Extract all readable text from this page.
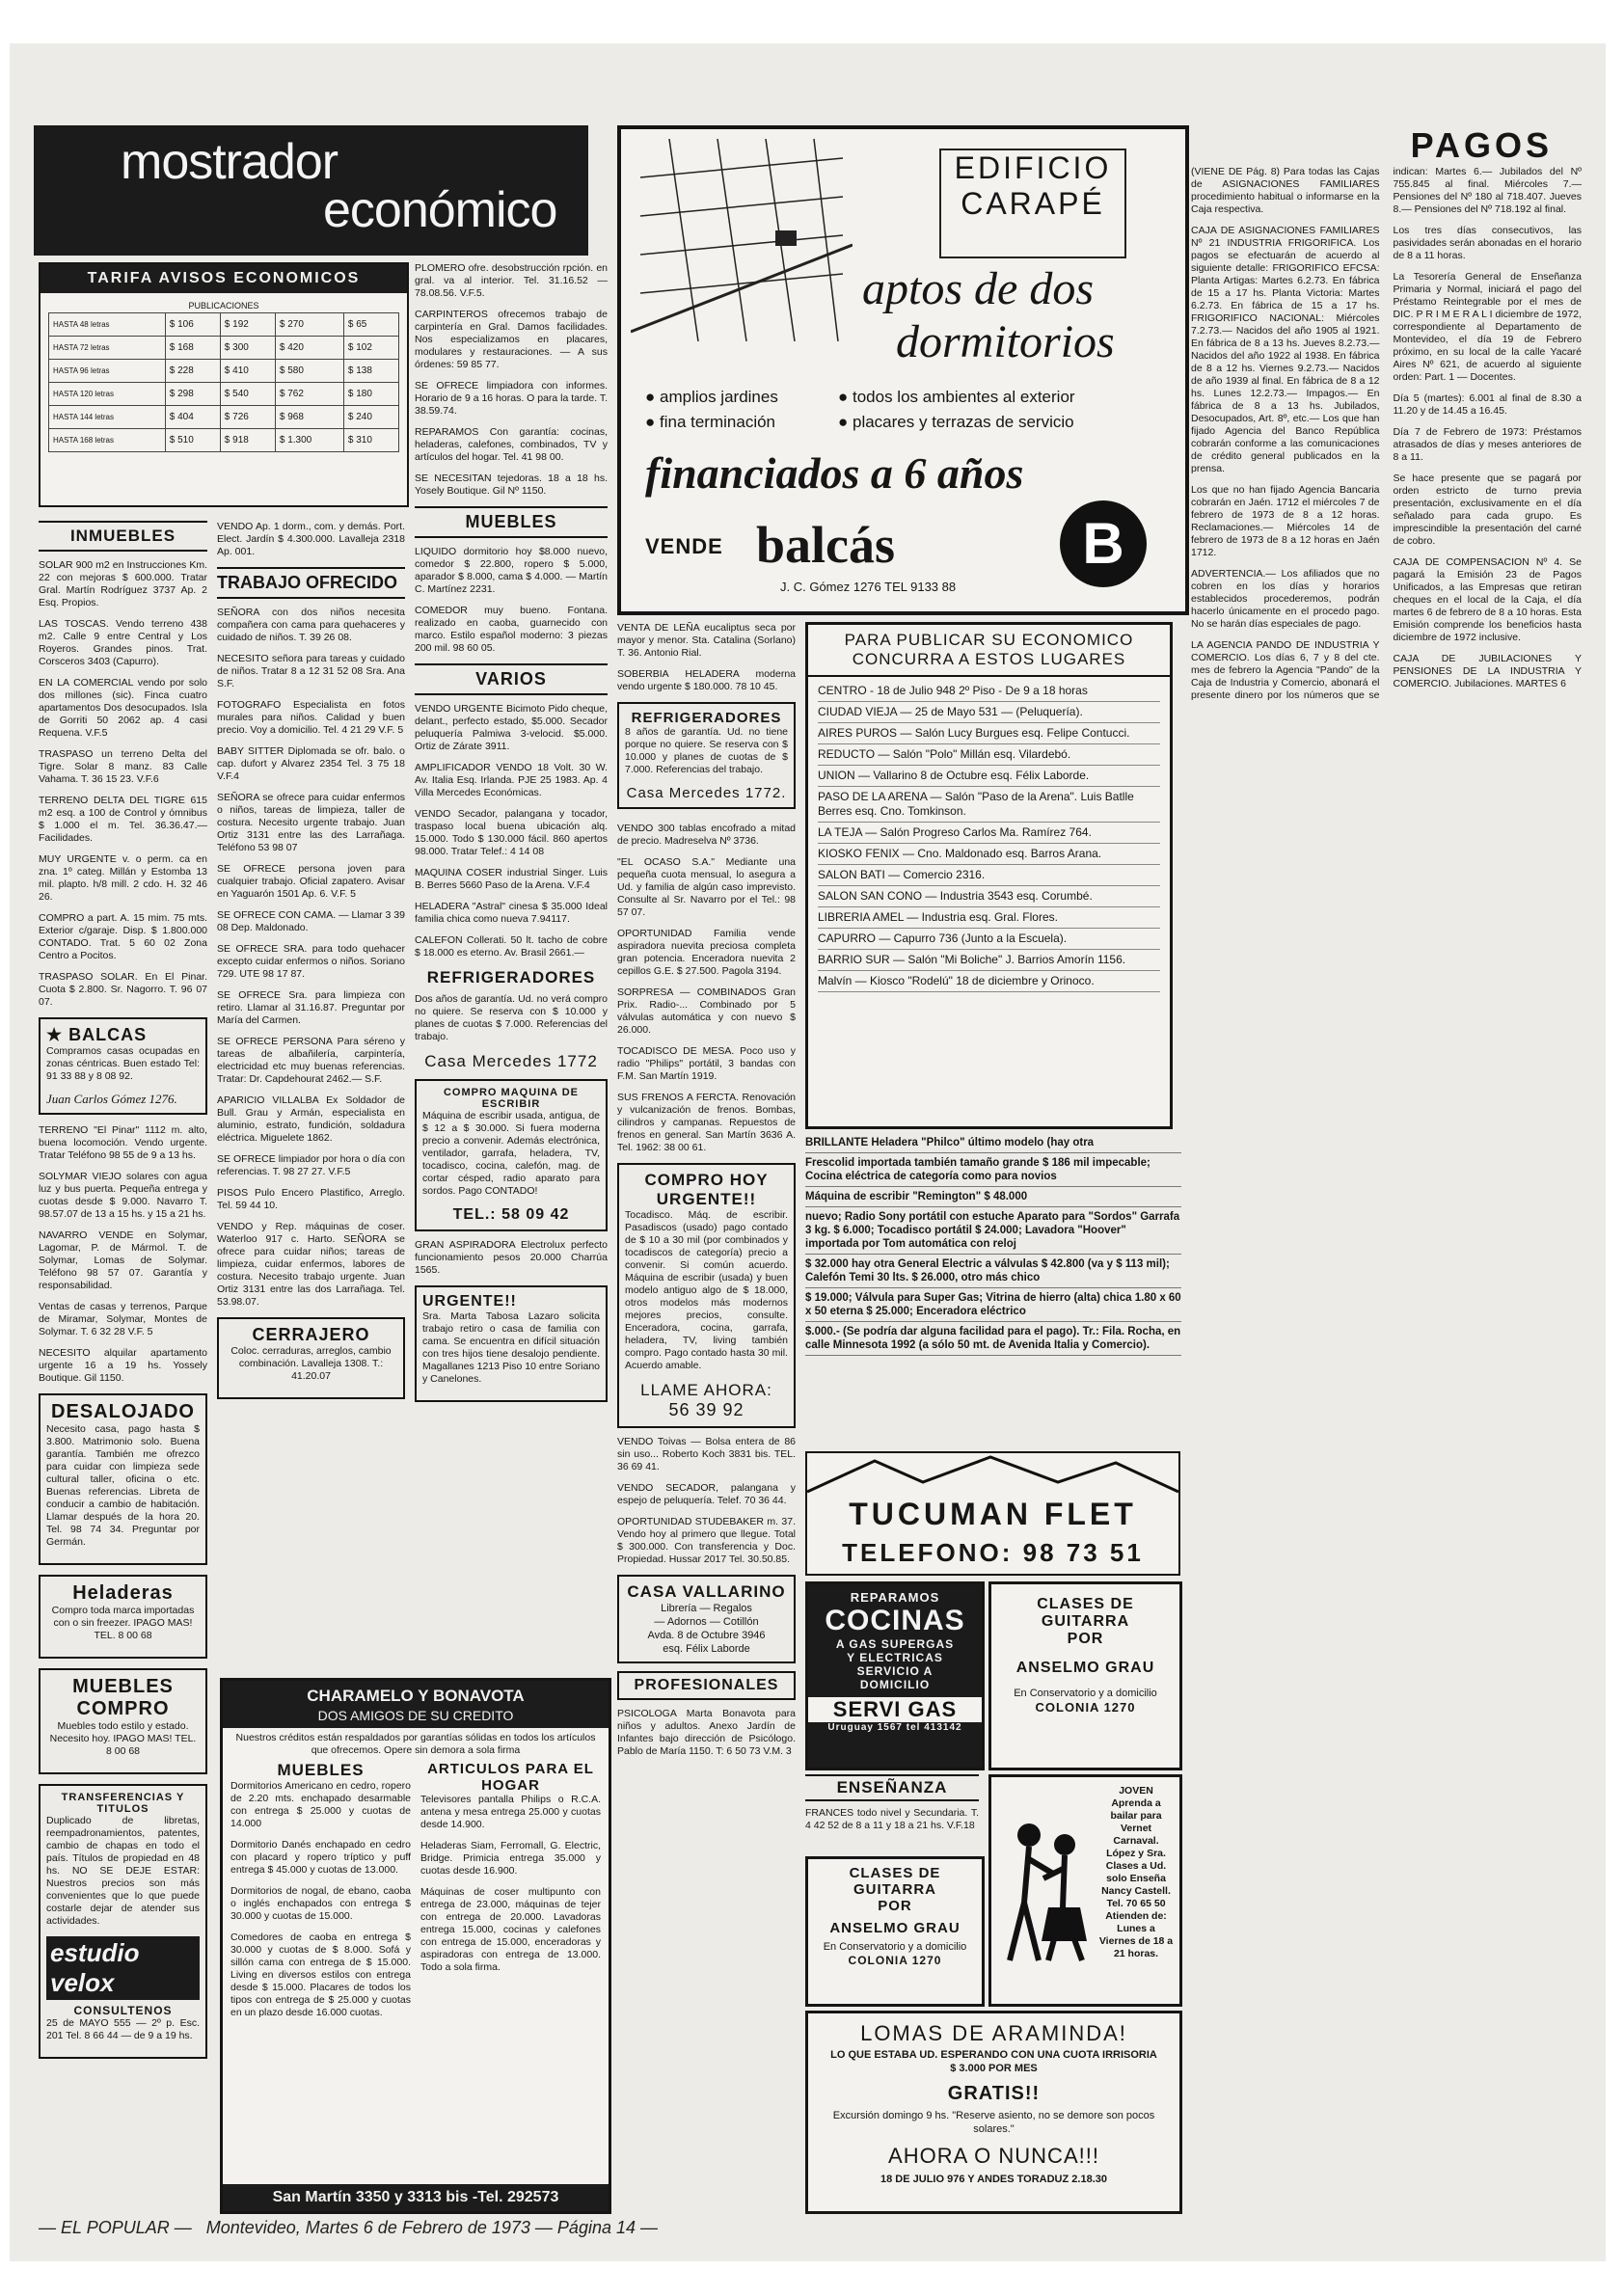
mostrador
económico
TARIFA AVISOS ECONOMICOS
PUBLICACIONES
HASTA 48 letras	$ 106	$ 192	$ 270	$ 65
HASTA 72 letras	$ 168	$ 300	$ 420	$ 102
HASTA 96 letras	$ 228	$ 410	$ 580	$ 138
HASTA 120 letras	$ 298	$ 540	$ 762	$ 180
HASTA 144 letras	$ 404	$ 726	$ 968	$ 240
HASTA 168 letras	$ 510	$ 918	$ 1.300	$ 310
INMUEBLES

SOLAR 900 m2 en Instrucciones Km. 22 con mejoras $ 600.000. Tratar Gral. Martín Rodríguez 3737 Ap. 2 Esq. Propios.

LAS TOSCAS. Vendo terreno 438 m2. Calle 9 entre Central y Los Royeros. Grandes pinos. Trat. Corsceros 3403 (Capurro).

EN LA COMERCIAL vendo por solo dos millones (sic). Finca cuatro apartamentos Dos desocupados. Isla de Gorriti 50 2062 ap. 4 casi Requena. V.F.5

TRASPASO un terreno Delta del Tigre. Solar 8 manz. 83 Calle Vahama. T. 36 15 23. V.F.6

TERRENO DELTA DEL TIGRE 615 m2 esq. a 100 de Control y ómnibus $ 1.000 el m. Tel. 36.36.47.— Facilidades.

MUY URGENTE v. o perm. ca en zna. 1º categ. Millán y Estomba 13 mil. plapto. h/8 mill. 2 cdo. H. 32 46 26.

COMPRO a part. A. 15 mim. 75 mts. Exterior c/garaje. Disp. $ 1.800.000 CONTADO. Trat. 5 60 02 Zona Centro a Pocitos.

TRASPASO SOLAR. En El Pinar. Cuota $ 2.800. Sr. Nagorro. T. 96 07 07.

★ BALCAS

Compramos casas ocupadas en zonas céntricas. Buen estado Tel: 91 33 88 y 8 08 92.

Juan Carlos Gómez 1276.

TERRENO "El Pinar" 1112 m. alto, buena locomoción. Vendo urgente. Tratar Teléfono 98 55 de 9 a 13 hs.

SOLYMAR VIEJO solares con agua luz y bus puerta. Pequeña entrega y cuotas desde $ 9.000. Navarro T. 98.57.07 de 13 a 15 hs. y 15 a 21 hs.

NAVARRO VENDE en Solymar, Lagomar, P. de Mármol. T. de Solymar, Lomas de Solymar. Teléfono 98 57 07. Garantía y responsabilidad.

Ventas de casas y terrenos, Parque de Miramar, Solymar, Montes de Solymar. T. 6 32 28 V.F. 5

NECESITO alquilar apartamento urgente 16 a 19 hs. Yossely Boutique. Gil 1150.

DESALOJADO

Necesito casa, pago hasta $ 3.800. Matrimonio solo. Buena garantía. También me ofrezco para cuidar con limpieza sede cultural taller, oficina o etc. Buenas referencias. Libreta de conducir a cambio de habitación. Llamar después de la hora 20. Tel. 98 74 34. Preguntar por Germán.

Heladeras

Compro toda marca importadas con o sin freezer. IPAGO MAS! TEL. 8 00 68

MUEBLES COMPRO

Muebles todo estilo y estado. Necesito hoy. IPAGO MAS! TEL. 8 00 68

TRANSFERENCIAS Y TITULOS

Duplicado de libretas, reempadronamientos, patentes, cambio de chapas en todo el país. Títulos de propiedad en 48 hs. NO SE DEJE ESTAR: Nuestros precios son más convenientes que lo que puede costarle dejar de atender sus actividades.

estudio velox
CONSULTENOS

25 de MAYO 555 — 2º p. Esc. 201 Tel. 8 66 44 — de 9 a 19 hs.

VENDO Ap. 1 dorm., com. y demás. Port. Elect. Jardín $ 4.300.000. Lavalleja 2318 Ap. 001.

TRABAJO OFRECIDO

SEÑORA con dos niños necesita compañera con cama para quehaceres y cuidado de niños. T. 39 26 08.

NECESITO señora para tareas y cuidado de niños. Tratar 8 a 12 31 52 08 Sra. Ana S.F.

FOTOGRAFO Especialista en fotos murales para niños. Calidad y buen precio. Voy a domicilio. Tel. 4 21 29 V.F. 5

BABY SITTER Diplomada se ofr. balo. o cap. dufort y Alvarez 2354 Tel. 3 75 18 V.F.4

SEÑORA se ofrece para cuidar enfermos o niños, tareas de limpieza, taller de costura. Necesito urgente trabajo. Juan Ortiz 3131 entre las des Larrañaga. Teléfono 53 98 07

SE OFRECE persona joven para cualquier trabajo. Oficial zapatero. Avisar en Yaguarón 1501 Ap. 6. V.F. 5

SE OFRECE CON CAMA. — Llamar 3 39 08 Dep. Maldonado.

SE OFRECE SRA. para todo quehacer excepto cuidar enfermos o niños. Soriano 729. UTE 98 17 87.

SE OFRECE Sra. para limpieza con retiro. Llamar al 31.16.87. Preguntar por María del Carmen.

SE OFRECE PERSONA Para séreno y tareas de albañilería, carpintería, electricidad etc muy buenas referencias. Tratar: Dr. Capdehourat 2462.— S.F.

APARICIO VILLALBA Ex Soldador de Bull. Grau y Armán, especialista en aluminio, estrato, fundición, soldadura eléctrica. Miguelete 1862.

SE OFRECE limpiador por hora o día con referencias. T. 98 27 27. V.F.5

PISOS Pulo Encero Plastifico, Arreglo. Tel. 59 44 10.

VENDO y Rep. máquinas de coser. Waterloo 917 c. Harto. SEÑORA se ofrece para cuidar niños; tareas de limpieza, cuidar enfermos, labores de costura. Necesito trabajo urgente. Juan Ortiz 3131 entre las dos Larrañaga. Tel. 53.98.07.

CERRAJERO

Coloc. cerraduras, arreglos, cambio combinación. Lavalleja 1308. T.: 41.20.07

PLOMERO ofre. desobstrucción rpción. en gral. va al interior. Tel. 31.16.52 — 78.08.56. V.F.5.

CARPINTEROS ofrecemos trabajo de carpintería en Gral. Damos facilidades. Nos especializamos en placares, modulares y restauraciones. — A sus órdenes: 59 85 77.

SE OFRECE limpiadora con informes. Horario de 9 a 16 horas. O para la tarde. T. 38.59.74.

REPARAMOS Con garantía: cocinas, heladeras, calefones, combinados, TV y artículos del hogar. Tel. 41 98 00.

SE NECESITAN tejedoras. 18 a 18 hs. Yosely Boutique. Gil Nº 1150.

MUEBLES

LIQUIDO dormitorio hoy $8.000 nuevo, comedor $ 22.800, ropero $ 5.000, aparador $ 8.000, cama $ 4.000. — Martín C. Martínez 2231.

COMEDOR muy bueno. Fontana. realizado en caoba, guarnecido con marco. Estilo español moderno: 3 piezas 200 mil. 98 60 05.

VARIOS

VENDO URGENTE Bicimoto Pido cheque, delant., perfecto estado, $5.000. Secador peluquería Palmiwa 3-velocid. $5.000. Ortiz de Zárate 3911.

AMPLIFICADOR VENDO 18 Volt. 30 W. Av. Italia Esq. Irlanda. PJE 25 1983. Ap. 4 Villa Mercedes Económicas.

VENDO Secador, palangana y tocador, traspaso local buena ubicación alq. 15.000. Todo $ 130.000 fácil. 860 apertos 98.000. Tratar Telef.: 4 14 08

MAQUINA COSER industrial Singer. Luis B. Berres 5660 Paso de la Arena. V.F.4

HELADERA "Astral" cinesa $ 35.000 Ideal familia chica como nueva 7.94117.

CALEFON Collerati. 50 lt. tacho de cobre $ 18.000 es eterno. Av. Brasil 2661.—

REFRIGERADORES

Dos años de garantía. Ud. no verá compro no quiere. Se reserva con $ 10.000 y planes de cuotas $ 7.000. Referencias del trabajo.

Casa Mercedes 1772
COMPRO MAQUINA DE ESCRIBIR

Máquina de escribir usada, antigua, de $ 12 a $ 30.000. Si fuera moderna precio a convenir. Además electrónica, ventilador, garrafa, heladera, TV, tocadisco, cocina, calefón, mag. de cortar césped, radio aparato para sordos. Pago CONTADO!

TEL.: 58 09 42

GRAN ASPIRADORA Electrolux perfecto funcionamiento pesos 20.000 Charrúa 1565.

URGENTE!!

Sra. Marta Tabosa Lazaro solicita trabajo retiro o casa de familia con cama. Se encuentra en difícil situación con tres hijos tiene desalojo pendiente. Magallanes 1213 Piso 10 entre Soriano y Canelones.

CHARAMELO Y BONAVOTA
DOS AMIGOS DE SU CREDITO

Nuestros créditos están respaldados por garantías sólidas en todos los artículos que ofrecemos. Opere sin demora a sola firma

MUEBLES

Dormitorios Americano en cedro, ropero de 2.20 mts. enchapado desarmable con entrega $ 25.000 y cuotas de 14.000

Dormitorio Danés enchapado en cedro con placard y ropero tríptico y puff entrega $ 45.000 y cuotas de 13.000.

Dormitorios de nogal, de ebano, caoba o inglés enchapados con entrega $ 30.000 y cuotas de 15.000.

Comedores de caoba en entrega $ 30.000 y cuotas de $ 8.000. Sofá y sillón cama con entrega de $ 15.000. Living en diversos estilos con entrega desde $ 15.000. Placares de todos los tipos con entrega de $ 25.000 y cuotas en un plazo desde 16.000 cuotas.

ARTICULOS PARA EL HOGAR

Televisores pantalla Philips o R.C.A. antena y mesa entrega 25.000 y cuotas desde 14.900.

Heladeras Siam, Ferromall, G. Electric, Bridge. Primicia entrega 35.000 y cuotas desde 16.900.

Máquinas de coser multipunto con entrega de 23.000, máquinas de tejer con entrega de 20.000. Lavadoras entrega 15.000, cocinas y calefones con entrega de 15.000, enceradoras y aspiradoras con entrega de 13.000. Todo a sola firma.

San Martín 3350 y 3313 bis -Tel. 292573
EDIFICIO
CARAPÉ
aptos de dos
dormitorios
● amplios jardines	● todos los ambientes al exterior
● fina terminación	● placares y terrazas de servicio
financiados a 6 años
VENDE balcás	B
J. C. Gómez 1276 TEL 9133 88

VENTA DE LEÑA eucaliptus seca por mayor y menor. Sta. Catalina (Sorlano) T. 36. Antonio Rial.

SOBERBIA HELADERA moderna vendo urgente $ 180.000. 78 10 45.

REFRIGERADORES

8 años de garantía. Ud. no tiene porque no quiere. Se reserva con $ 10.000 y planes de cuotas de $ 7.000. Referencias del trabajo.

Casa Mercedes 1772.

VENDO 300 tablas encofrado a mitad de precio. Madreselva Nº 3736.

"EL OCASO S.A." Mediante una pequeña cuota mensual, lo asegura a Ud. y familia de algún caso imprevisto. Consulte al Sr. Navarro por el Tel.: 98 57 07.

OPORTUNIDAD Familia vende aspiradora nuevita preciosa completa gran potencia. Enceradora nuevita 2 cepillos G.E. $ 27.500. Pagola 3194.

SORPRESA — COMBINADOS Gran Prix. Radio-... Combinado por 5 válvulas automática y con nuevo $ 26.000.

TOCADISCO DE MESA. Poco uso y radio "Philips" portátil, 3 bandas con F.M. San Martín 1919.

SUS FRENOS A FERCTA. Renovación y vulcanización de frenos. Bombas, cilindros y campanas. Repuestos de frenos en general. San Martín 3636 A. Tel. 1962: 38 00 61.

COMPRO HOY URGENTE!!

Tocadisco. Máq. de escribir. Pasadiscos (usado) pago contado de $ 10 a 30 mil (por combinados y tocadiscos de categoría) precio a convenir. Si común acuerdo. Máquina de escribir (usada) y buen modelo antiguo algo de $ 18.000, otros modelos más modernos mejores precios, consulte. Enceradora, cocina, garrafa, heladera, TV, living también compro. Pago contado hasta 30 mil. Acuerdo amable.

LLAME AHORA:
56 39 92

VENDO Toivas — Bolsa entera de 86 sin uso... Roberto Koch 3831 bis. TEL. 36 69 41.

VENDO SECADOR, palangana y espejo de peluquería. Telef. 70 36 44.

OPORTUNIDAD STUDEBAKER m. 37. Vendo hoy al primero que llegue. Total $ 300.000. Con transferencia y Doc. Propiedad. Hussar 2017 Tel. 30.50.85.

CASA VALLARINO
Librería — Regalos
— Adornos — Cotillón
Avda. 8 de Octubre 3946
esq. Félix Laborde
PROFESIONALES

PSICOLOGA Marta Bonavota para niños y adultos. Anexo Jardín de Infantes bajo dirección de Psicólogo. Pablo de María 1150. T: 6 50 73 V.M. 3

PARA PUBLICAR SU ECONOMICO CONCURRA A ESTOS LUGARES
CENTRO - 18 de Julio 948 2º Piso - De 9 a 18 horas
CIUDAD VIEJA — 25 de Mayo 531 — (Peluquería).
AIRES PUROS — Salón Lucy Burgues esq. Felipe Contucci.
REDUCTO — Salón "Polo" Millán esq. Vilardebó.
UNION — Vallarino 8 de Octubre esq. Félix Laborde.
PASO DE LA ARENA — Salón "Paso de la Arena". Luis Batlle Berres esq. Cno. Tomkinson.
LA TEJA — Salón Progreso Carlos Ma. Ramírez 764.
KIOSKO FENIX — Cno. Maldonado esq. Barros Arana.
SALON BATI — Comercio 2316.
SALON SAN CONO — Industria 3543 esq. Corumbé.
LIBRERIA AMEL — Industria esq. Gral. Flores.
CAPURRO — Capurro 736 (Junto a la Escuela).
BARRIO SUR — Salón "Mi Boliche" J. Barrios Amorín 1156.
Malvín — Kiosco "Rodelú" 18 de diciembre y Orinoco.
BRILLANTE Heladera "Philco" último modelo (hay otra
Frescolid importada también tamaño grande $ 186 mil impecable; Cocina eléctrica de categoría como para novios
Máquina de escribir "Remington" $ 48.000
nuevo; Radio Sony portátil con estuche Aparato para "Sordos" Garrafa 3 kg. $ 6.000; Tocadisco portátil $ 24.000; Lavadora "Hoover" importada por Tom automática con reloj
$ 32.000 hay otra General Electric a válvulas $ 42.800 (va y $ 113 mil); Calefón Temi 30 lts. $ 26.000, otro más chico
$ 19.000; Válvula para Super Gas; Vitrina de hierro (alta) chica 1.80 x 60 x 50 eterna $ 25.000; Enceradora eléctrico
$.000.- (Se podría dar alguna facilidad para el pago). Tr.: Fila. Rocha, en calle Minnesota 1992 (a sólo 50 mt. de Avenida Italia y Comercio).
TUCUMAN FLET
TELEFONO: 98 73 51
REPARAMOS
COCINAS
A GAS SUPERGAS
Y ELECTRICAS
SERVICIO A
DOMICILIO
SERVI GAS
Uruguay 1567 tel 413142
CLASES DE
GUITARRA
POR
ANSELMO GRAU
En Conservatorio y a domicilio
COLONIA 1270
ENSEÑANZA

FRANCES todo nivel y Secundaria. T. 4 42 52 de 8 a 11 y 18 a 21 hs. V.F.18

CLASES DE
GUITARRA
POR
ANSELMO GRAU
En Conservatorio y a domicilio
COLONIA 1270

JOVEN Aprenda a bailar para Vernet Carnaval. López y Sra. Clases a Ud. solo Enseña Nancy Castell. Tel. 70 65 50 Atienden de: Lunes a Viernes de 18 a 21 horas.

LOMAS DE ARAMINDA!
LO QUE ESTABA UD. ESPERANDO CON UNA CUOTA IRRISORIA $ 3.000 POR MES
GRATIS!!
Excursión domingo 9 hs. "Reserve asiento, no se demore son pocos solares."
AHORA O NUNCA!!!
18 DE JULIO 976 Y ANDES TORADUZ 2.18.30
PAGOS

(VIENE DE Pág. 8) Para todas las Cajas de ASIGNACIONES FAMILIARES procedimiento habitual o informarse en la Caja respectiva.

CAJA DE ASIGNACIONES FAMILIARES Nº 21 INDUSTRIA FRIGORIFICA. Los pagos se efectuarán de acuerdo al siguiente detalle: FRIGORIFICO EFCSA: Planta Artigas: Martes 6.2.73. En fábrica de 15 a 17 hs. Planta Victoria: Martes 6.2.73. En fábrica de 15 a 17 hs. FRIGORIFICO NACIONAL: Miércoles 7.2.73.— Nacidos del año 1905 al 1921. En fábrica de 8 a 13 hs. Jueves 8.2.73.— Nacidos del año 1922 al 1938. En fábrica de 8 a 12 hs. Viernes 9.2.73.— Nacidos de año 1939 al final. En fábrica de 8 a 12 hs. Lunes 12.2.73.— Impagos.— En fábrica de 8 a 13 hs. Jubilados, Desocupados, Art. 8º, etc.— Los que han fijado Agencia del Banco República cobrarán conforme a las comunicaciones de crédito general publicados en la prensa.

Los que no han fijado Agencia Bancaria cobrarán en Jaén. 1712 el miércoles 7 de febrero de 1973 de 8 a 12 horas. Reclamaciones.— Miércoles 14 de febrero de 1973 de 8 a 12 horas en Jaén 1712.

ADVERTENCIA.— Los afiliados que no cobren en los días y horarios establecidos procederemos, podrán hacerlo únicamente en el procedo pago. No se harán días especiales de pago.

LA AGENCIA PANDO DE INDUSTRIA Y COMERCIO. Los días 6, 7 y 8 del cte. mes de febrero la Agencia "Pando" de la Caja de Industria y Comercio, abonará el presente dinero por los números que se indican: Martes 6.— Jubilados del Nº 755.845 al final. Miércoles 7.— Pensiones del Nº 180 al 718.407. Jueves 8.— Pensiones del Nº 718.192 al final.

Los tres días consecutivos, las pasividades serán abonadas en el horario de 8 a 11 horas.

La Tesorería General de Enseñanza Primaria y Normal, iniciará el pago del Préstamo Reintegrable por el mes de DIC. P R I M E R A L I diciembre de 1972, correspondiente al Departamento de Montevideo, el día 19 de Febrero próximo, en su local de la calle Yacaré Aires Nº 621, de acuerdo al siguiente orden: Part. 1 — Docentes.

Día 5 (martes): 6.001 al final de 8.30 a 11.20 y de 14.45 a 16.45.

Día 7 de Febrero de 1973: Préstamos atrasados de días y meses anteriores de 8 a 11.

Se hace presente que se pagará por orden estricto de turno previa presentación, exclusivamente en el día señalado para cada grupo. Es imprescindible la presentación del carné de cobro.

CAJA DE COMPENSACION Nº 4. Se pagará la Emisión 23 de Pagos Unificados, a las Empresas que retiran cheques en el local de la Caja, el día martes 6 de febrero de 8 a 10 horas. Esta Emisión comprende los beneficios hasta diciembre de 1972 inclusive.

CAJA DE JUBILACIONES Y PENSIONES DE LA INDUSTRIA Y COMERCIO. Jubilaciones. MARTES 6

— EL POPULAR —   Montevideo, Martes 6 de Febrero de 1973 — Página 14 —
